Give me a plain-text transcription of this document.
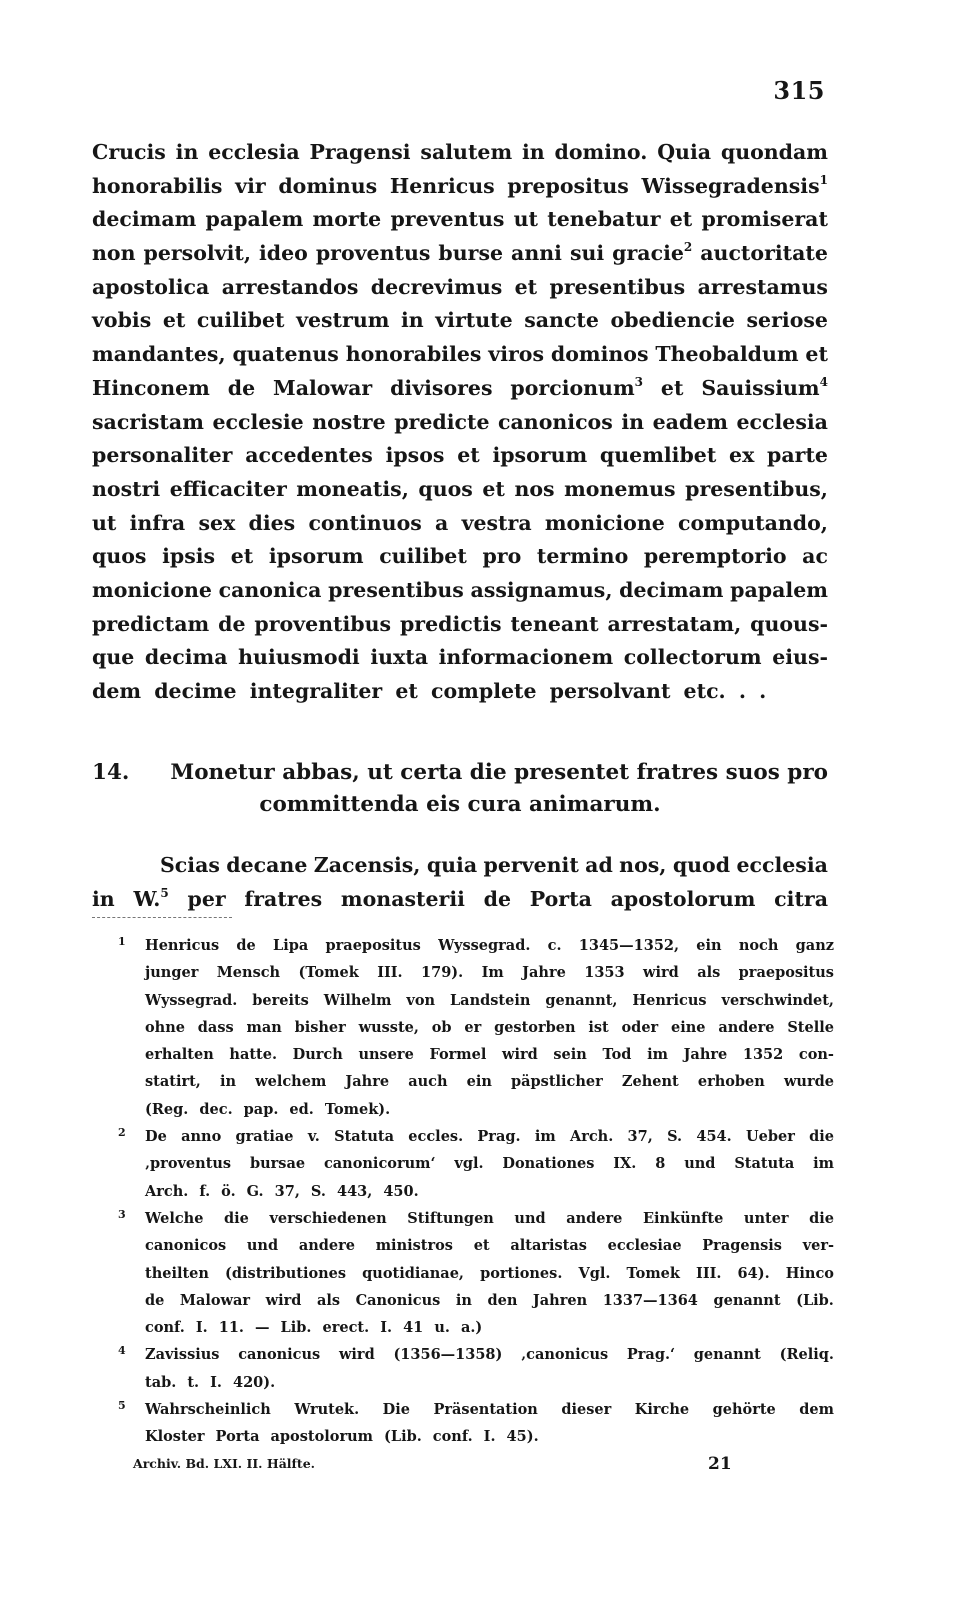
315
Crucis in ecclesia Pragensi salutem in domino. Quia quondam
honorabilis vir dominus Henricus prepositus Wissegradensis$^1$
decimam papalem morte preventus ut tenebatur et promiserat
non persolvit, ideo proventus burse anni sui gracie$^2$ auctoritate
apostolica arrestandos decrevimus et presentibus arrestamus
vobis et cuilibet vestrum in virtute sancte obediencie seriose
mandantes, quatenus honorabiles viros dominos Theobaldum et
Hinconem de Malowar divisores porcionum$^3$ et Sauissium$^4$
sacristam ecclesie nostre predicte canonicos in eadem ecclesia
personaliter accedentes ipsos et ipsorum quemlibet ex parte
nostri efficaciter moneatis, quos et nos monemus presentibus,
ut infra sex dies continuos a vestra monicione computando,
quos ipsis et ipsorum cuilibet pro termino peremptorio ac
monicione canonica presentibus assignamus, decimam papalem
predictam de proventibus predictis teneant arrestatam, quous-
que decima huiusmodi iuxta informacionem collectorum eius-
dem decime integraliter et complete persolvant etc. . .
14. Monetur abbas, ut certa die presentet fratres suos pro
committenda eis cura animarum.
Scias decane Zacensis, quia pervenit ad nos, quod ecclesia
in W.$^5$ per fratres monasterii de Porta apostolorum citra
1 Henricus de Lipa praepositus Wyssegrad. c. 1345—1352, ein noch ganz
junger Mensch (Tomek III. 179). Im Jahre 1353 wird als praepositus
Wyssegrad. bereits Wilhelm von Landstein genannt, Henricus verschwindet,
ohne dass man bisher wusste, ob er gestorben ist oder eine andere Stelle
erhalten hatte. Durch unsere Formel wird sein Tod im Jahre 1352 con-
statirt, in welchem Jahre auch ein päpstlicher Zehent erhoben wurde
(Reg. dec. pap. ed. Tomek).
2 De anno gratiae v. Statuta eccles. Prag. im Arch. 37, S. 454. Ueber die
‚proventus bursae canonicorum‘ vgl. Donationes IX. 8 und Statuta im
Arch. f. ö. G. 37, S. 443, 450.
3 Welche die verschiedenen Stiftungen und andere Einkünfte unter die
canonicos und andere ministros et altaristas ecclesiae Pragensis ver-
theilten (distributiones quotidianae, portiones. Vgl. Tomek III. 64). Hinco
de Malowar wird als Canonicus in den Jahren 1337—1364 genannt (Lib.
conf. I. 11. — Lib. erect. I. 41 u. a.)
4 Zavissius canonicus wird (1356—1358) ‚canonicus Prag.‘ genannt (Reliq.
tab. t. I. 420).
5 Wahrscheinlich Wrutek. Die Präsentation dieser Kirche gehörte dem
Kloster Porta apostolorum (Lib. conf. I. 45).
Archiv. Bd. LXI. II. Hälfte.	21
